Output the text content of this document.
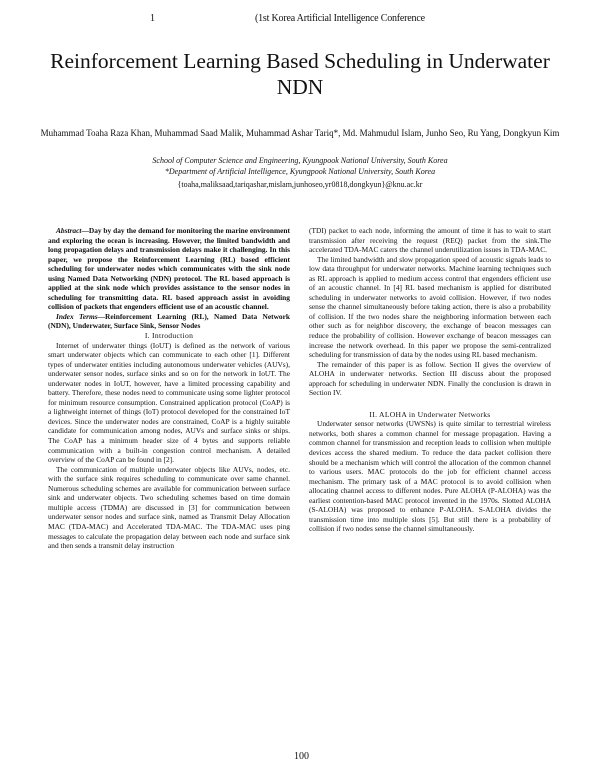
1	(1st Korea Artificial Intelligence Conference
Reinforcement Learning Based Scheduling in Underwater NDN
Muhammad Toaha Raza Khan, Muhammad Saad Malik, Muhammad Ashar Tariq*, Md. Mahmudul Islam, Junho Seo, Ru Yang, Dongkyun Kim
School of Computer Science and Engineering, Kyungpook National University, South Korea
*Department of Artificial Intelligence, Kyungpook National University, South Korea
{toaha,maliksaad,tariqashar,mislam,junhoseo,yr0818,dongkyun}@knu.ac.kr

Abstract—Day by day the demand for monitoring the marine environment and exploring the ocean is increasing. However, the limited bandwidth and long propagation delays and transmission delays make it challenging. In this paper, we propose the Reinforcement Learning (RL) based efficient scheduling for underwater nodes which communicates with the sink node using Named Data Networking (NDN) protocol. The RL based approach is applied at the sink node which provides assistance to the sensor nodes in scheduling for transmitting data. RL based approach assist in avoiding collision of packets that engenders efficient use of an acoustic channel.

Index Terms—Reinforcement Learning (RL), Named Data Network (NDN), Underwater, Surface Sink, Sensor Nodes

I. Introduction

Internet of underwater things (IoUT) is defined as the network of various smart underwater objects which can communicate to each other [1]. Different types of underwater entities including autonomous underwater vehicles (AUVs), underwater sensor nodes, surface sinks and so on for the network in IoUT. The underwater nodes in IoUT, however, have a limited processing capability and battery. Therefore, these nodes need to communicate using some lighter protocol for minimum resource consumption. Constrained application protocol (CoAP) is a lightweight internet of things (IoT) protocol developed for the constrained IoT devices. Since the underwater nodes are constrained, CoAP is a highly suitable candidate for communication among nodes, AUVs and surface sinks or ships. The CoAP has a minimum header size of 4 bytes and supports reliable communication with a built-in congestion control mechanism. A detailed overview of the CoAP can be found in [2].

The communication of multiple underwater objects like AUVs, nodes, etc. with the surface sink requires scheduling to communicate over same channel. Numerous scheduling schemes are available for communication between surface sink and underwater objects. Two scheduling schemes based on time domain multiple access (TDMA) are discussed in [3] for communication between underwater sensor nodes and surface sink, named as Transmit Delay Allocation MAC (TDA-MAC) and Accelerated TDA-MAC. The TDA-MAC uses ping messages to calculate the propagation delay between each node and surface sink and then sends a transmit delay instruction

(TDI) packet to each node, informing the amount of time it has to wait to start transmission after receiving the request (REQ) packet from the sink.The accelerated TDA-MAC caters the channel underutilization issues in TDA-MAC.

The limited bandwidth and slow propagation speed of acoustic signals leads to low data throughput for underwater networks. Machine learning techniques such as RL approach is applied to medium access control that engenders efficient use of an acoustic channel. In [4] RL based mechanism is applied for distributed scheduling in underwater networks to avoid collision. However, if two nodes sense the channel simultaneously before taking action, there is also a probability of collision. If the two nodes share the neighboring information between each other such as for neighbor discovery, the exchange of beacon messages can reduce the probability of collision. However exchange of beacon messages can increase the network overhead. In this paper we propose the semi-centralized scheduling for transmission of data by the nodes using RL based mechanism.

The remainder of this paper is as follow. Section II gives the overview of ALOHA in underwater networks. Section III discuss about the proposed approach for scheduling in underwater NDN. Finally the conclusion is drawn in Section IV.

II. ALOHA in Underwater Networks

Underwater sensor networks (UWSNs) is quite similar to terrestrial wireless networks, both shares a common channel for message propagation. Having a common channel for transmission and reception leads to collision when multiple devices access the shared medium. To reduce the data packet collision there should be a mechanism which will control the allocation of the common channel to various users. MAC protocols do the job for efficient channel access mechanism. The primary task of a MAC protocol is to avoid collision when allocating channel access to different nodes. Pure ALOHA (P-ALOHA) was the earliest contention-based MAC protocol invented in the 1970s. Slotted ALOHA (S-ALOHA) was proposed to enhance P-ALOHA. S-ALOHA divides the transmission time into multiple slots [5]. But still there is a probability of collision if two nodes sense the channel simultaneously.

100
